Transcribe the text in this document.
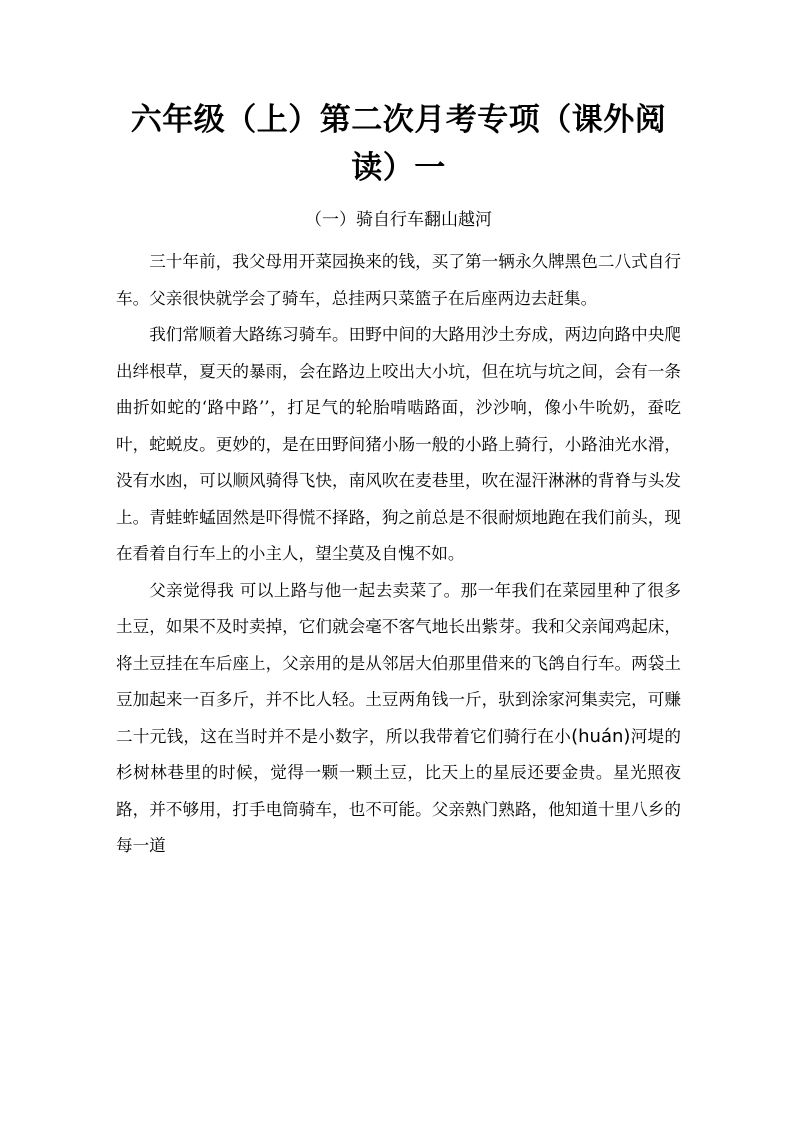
六年级（上）第二次月考专项（课外阅读）一
（一）骑自行车翻山越河

三十年前，我父母用开菜园换来的钱，买了第一辆永久牌黑色二八式自行车。父亲很快就学会了骑车，总挂两只菜篮子在后座两边去赶集。

我们常顺着大路练习骑车。田野中间的大路用沙土夯成，两边向路中央爬出绊根草，夏天的暴雨，会在路边上咬出大小坑，但在坑与坑之间，会有一条曲折如蛇的‘路中路’’，打足气的轮胎啃啮路面，沙沙响，像小牛吮奶，蚕吃叶，蛇蜕皮。更妙的，是在田野间猪小肠一般的小路上骑行，小路油光水滑，没有水凼，可以顺风骑得飞快，南风吹在麦巷里，吹在湿汗淋淋的背脊与头发上。青蛙蚱蜢固然是吓得慌不择路，狗之前总是不很耐烦地跑在我们前头，现在看着自行车上的小主人，望尘莫及自愧不如。

父亲觉得我 可以上路与他一起去卖菜了。那一年我们在菜园里种了很多土豆，如果不及时卖掉，它们就会毫不客气地长出紫芽。我和父亲闻鸡起床，将土豆挂在车后座上，父亲用的是从邻居大伯那里借来的飞鸽自行车。两袋土豆加起来一百多斤，并不比人轻。土豆两角钱一斤，驮到涂家河集卖完，可赚二十元钱，这在当时并不是小数字，所以我带着它们骑行在小(huán)河堤的杉树林巷里的时候，觉得一颗一颗土豆，比天上的星辰还要金贵。星光照夜路，并不够用，打手电筒骑车，也不可能。父亲熟门熟路，他知道十里八乡的每一道
